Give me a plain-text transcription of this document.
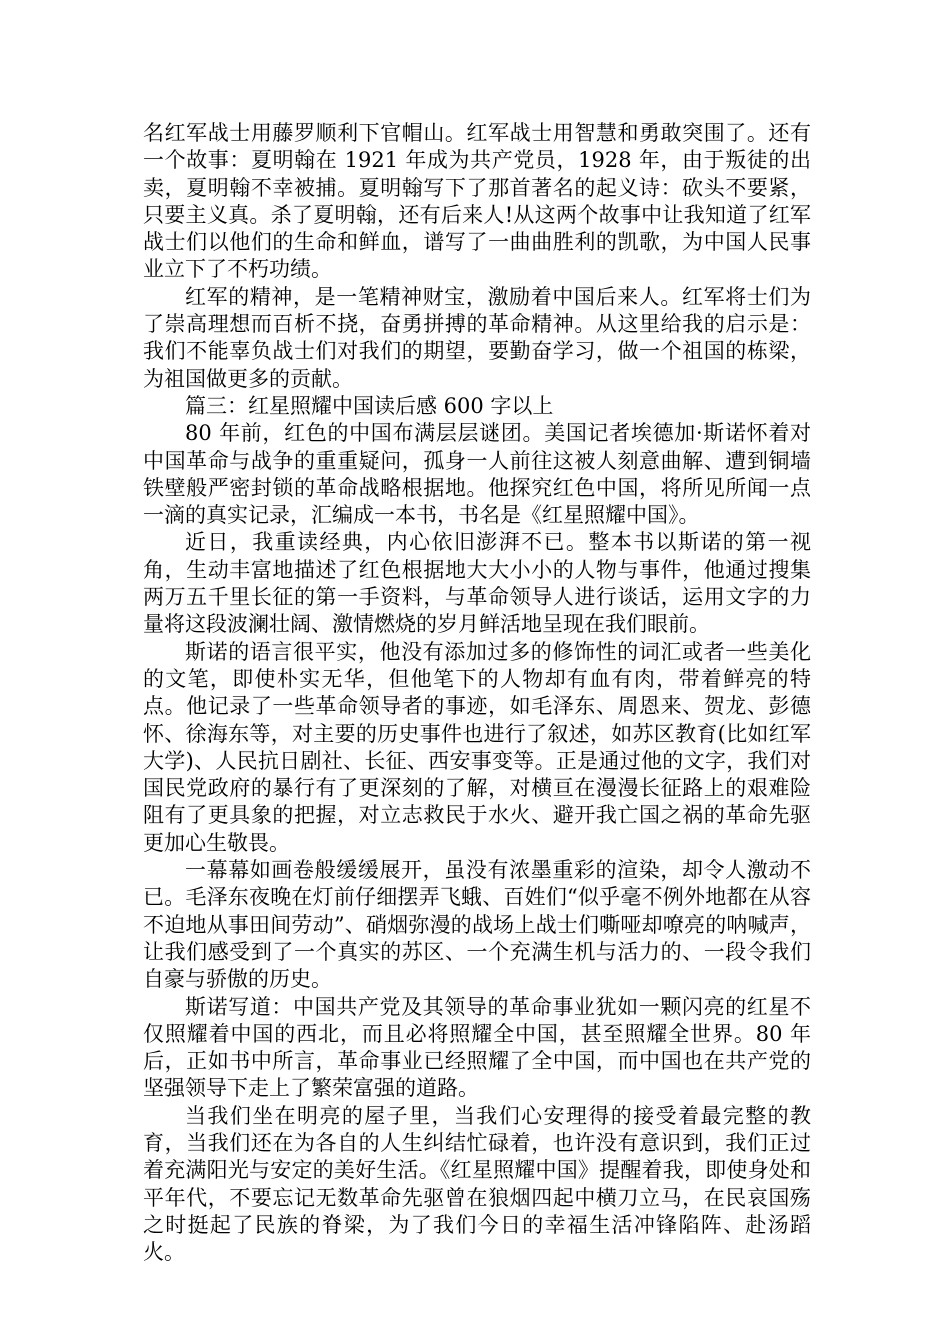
名红军战士用藤罗顺利下官帽山。红军战士用智慧和勇敢突围了。还有一个故事：夏明翰在 1921 年成为共产党员，1928 年，由于叛徒的出卖，夏明翰不幸被捕。夏明翰写下了那首著名的起义诗：砍头不要紧，只要主义真。杀了夏明翰，还有后来人!从这两个故事中让我知道了红军战士们以他们的生命和鲜血，谱写了一曲曲胜利的凯歌，为中国人民事业立下了不朽功绩。

红军的精神，是一笔精神财宝，激励着中国后来人。红军将士们为了崇高理想而百析不挠，奋勇拼搏的革命精神。从这里给我的启示是：我们不能辜负战士们对我们的期望，要勤奋学习，做一个祖国的栋梁，为祖国做更多的贡献。

篇三：红星照耀中国读后感 600 字以上

80 年前，红色的中国布满层层谜团。美国记者埃德加·斯诺怀着对中国革命与战争的重重疑问，孤身一人前往这被人刻意曲解、遭到铜墙铁壁般严密封锁的革命战略根据地。他探究红色中国，将所见所闻一点一滴的真实记录，汇编成一本书，书名是《红星照耀中国》。

近日，我重读经典，内心依旧澎湃不已。整本书以斯诺的第一视角，生动丰富地描述了红色根据地大大小小的人物与事件，他通过搜集两万五千里长征的第一手资料，与革命领导人进行谈话，运用文字的力量将这段波澜壮阔、激情燃烧的岁月鲜活地呈现在我们眼前。

斯诺的语言很平实，他没有添加过多的修饰性的词汇或者一些美化的文笔，即使朴实无华，但他笔下的人物却有血有肉，带着鲜亮的特点。他记录了一些革命领导者的事迹，如毛泽东、周恩来、贺龙、彭德怀、徐海东等，对主要的历史事件也进行了叙述，如苏区教育(比如红军大学)、人民抗日剧社、长征、西安事变等。正是通过他的文字，我们对国民党政府的暴行有了更深刻的了解，对横亘在漫漫长征路上的艰难险阻有了更具象的把握，对立志救民于水火、避开我亡国之祸的革命先驱更加心生敬畏。

一幕幕如画卷般缓缓展开，虽没有浓墨重彩的渲染，却令人激动不已。毛泽东夜晚在灯前仔细摆弄飞蛾、百姓们“似乎毫不例外地都在从容不迫地从事田间劳动”、硝烟弥漫的战场上战士们嘶哑却嘹亮的呐喊声，让我们感受到了一个真实的苏区、一个充满生机与活力的、一段令我们自豪与骄傲的历史。

斯诺写道：中国共产党及其领导的革命事业犹如一颗闪亮的红星不仅照耀着中国的西北，而且必将照耀全中国，甚至照耀全世界。80 年后，正如书中所言，革命事业已经照耀了全中国，而中国也在共产党的坚强领导下走上了繁荣富强的道路。

当我们坐在明亮的屋子里，当我们心安理得的接受着最完整的教育，当我们还在为各自的人生纠结忙碌着，也许没有意识到，我们正过着充满阳光与安定的美好生活。《红星照耀中国》提醒着我，即使身处和平年代，不要忘记无数革命先驱曾在狼烟四起中横刀立马，在民哀国殇之时挺起了民族的脊梁，为了我们今日的幸福生活冲锋陷阵、赴汤蹈火。
